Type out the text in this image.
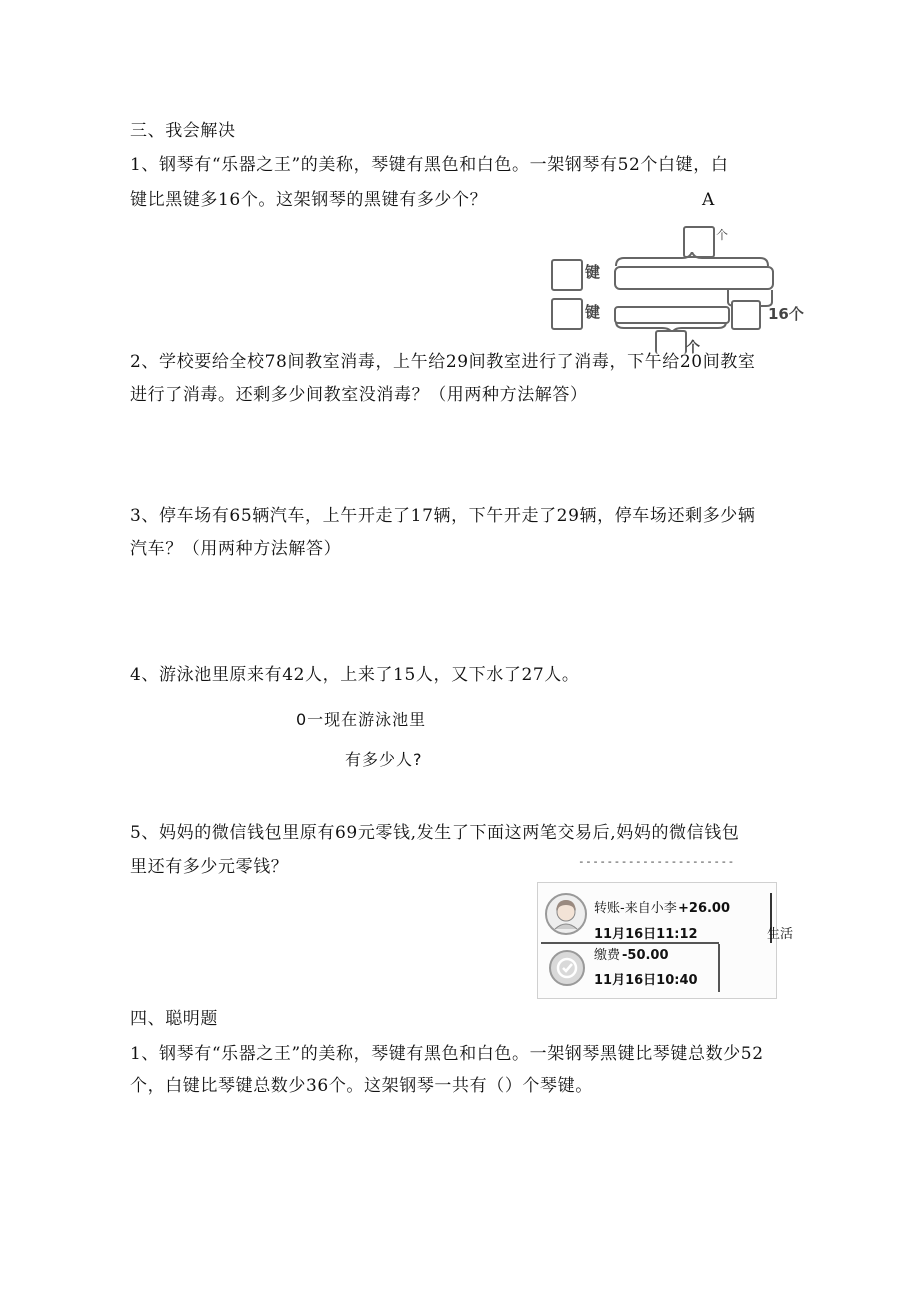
三、我会解决
1、钢琴有“乐器之王”的美称，琴键有黑色和白色。一架钢琴有52个白键，白
键比黑键多16个。这架钢琴的黑键有多少个？	A
个
键
键	16个
个
2、学校要给全校78间教室消毒，上午给29间教室进行了消毒，下午给20间教室
进行了消毒。还剩多少间教室没消毒？（用两种方法解答）
3、停车场有65辆汽车，上午开走了17辆，下午开走了29辆，停车场还剩多少辆
汽车？（用两种方法解答）
4、游泳池里原来有42人，上来了15人，又下水了27人。
0一现在游泳池里
有多少人?
5、妈妈的微信钱包里原有69元零钱,发生了下面这两笔交易后,妈妈的微信钱包
里还有多少元零钱？	----------------------
转账-来自小李 +26.00
11月16日11:12	生活
缴费 -50.00
11月16日10:40
四、聪明题
1、钢琴有“乐器之王”的美称，琴键有黑色和白色。一架钢琴黑键比琴键总数少52
个，白键比琴键总数少36个。这架钢琴一共有（）个琴键。
